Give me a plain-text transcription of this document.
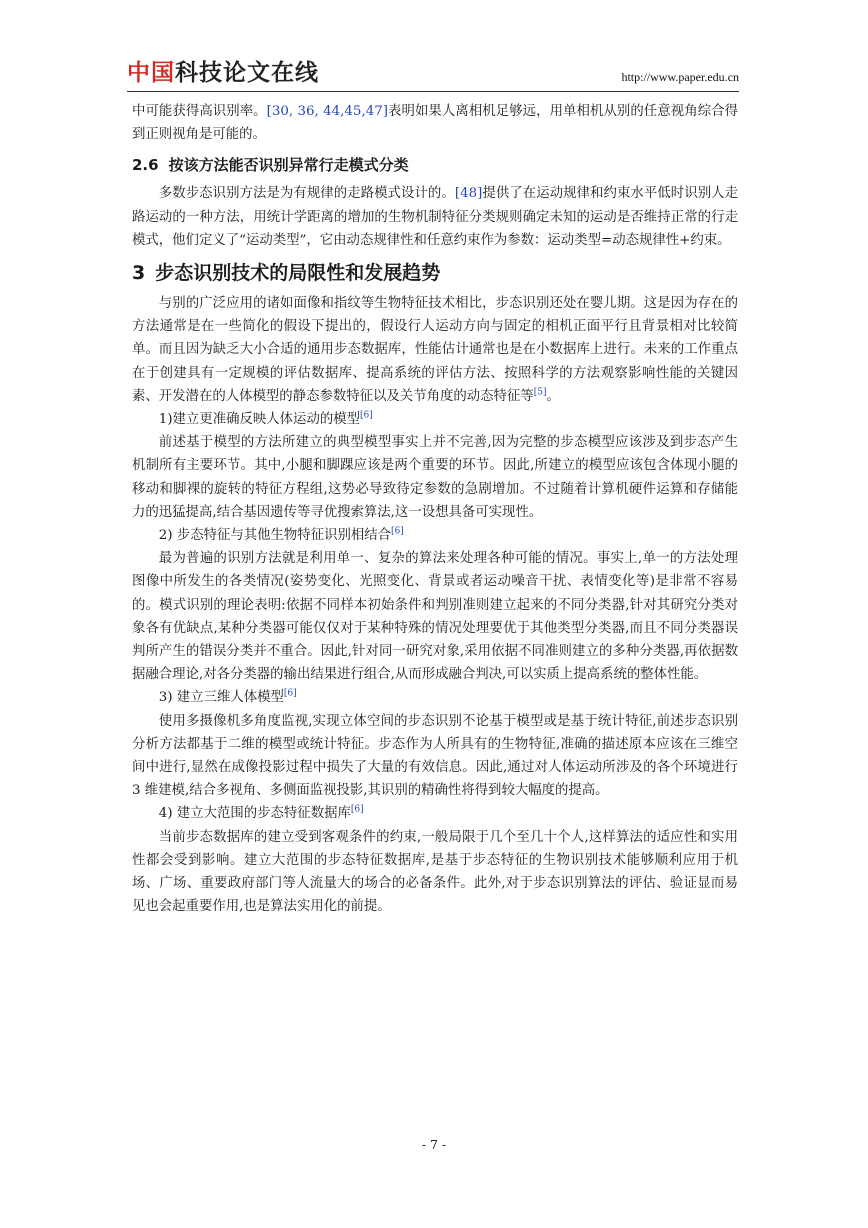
中国科技论文在线	http://www.paper.edu.cn

中可能获得高识别率。[30, 36, 44,45,47]表明如果人离相机足够远，用单相机从别的任意视角综合得到正则视角是可能的。

2.6 按该方法能否识别异常行走模式分类

多数步态识别方法是为有规律的走路模式设计的。[48]提供了在运动规律和约束水平低时识别人走路运动的一种方法，用统计学距离的增加的生物机制特征分类规则确定未知的运动是否维持正常的行走模式，他们定义了“运动类型”，它由动态规律性和任意约束作为参数：运动类型=动态规律性+约束。

3 步态识别技术的局限性和发展趋势

与别的广泛应用的诸如面像和指纹等生物特征技术相比，步态识别还处在婴儿期。这是因为存在的方法通常是在一些简化的假设下提出的，假设行人运动方向与固定的相机正面平行且背景相对比较简单。而且因为缺乏大小合适的通用步态数据库，性能估计通常也是在小数据库上进行。未来的工作重点在于创建具有一定规模的评估数据库、提高系统的评估方法、按照科学的方法观察影响性能的关键因素、开发潜在的人体模型的静态参数特征以及关节角度的动态特征等[5]。

1)建立更准确反映人体运动的模型[6]

前述基于模型的方法所建立的典型模型事实上并不完善,因为完整的步态模型应该涉及到步态产生机制所有主要环节。其中,小腿和脚踝应该是两个重要的环节。因此,所建立的模型应该包含体现小腿的移动和脚裸的旋转的特征方程组,这势必导致待定参数的急剧增加。不过随着计算机硬件运算和存储能力的迅猛提高,结合基因遗传等寻优搜索算法,这一设想具备可实现性。

2) 步态特征与其他生物特征识别相结合[6]

最为普遍的识别方法就是利用单一、复杂的算法来处理各种可能的情况。事实上,单一的方法处理图像中所发生的各类情况(姿势变化、光照变化、背景或者运动噪音干扰、表情变化等)是非常不容易的。模式识别的理论表明:依据不同样本初始条件和判别准则建立起来的不同分类器,针对其研究分类对象各有优缺点,某种分类器可能仅仅对于某种特殊的情况处理要优于其他类型分类器,而且不同分类器误判所产生的错误分类并不重合。因此,针对同一研究对象,采用依据不同准则建立的多种分类器,再依据数据融合理论,对各分类器的输出结果进行组合,从而形成融合判决,可以实质上提高系统的整体性能。

3) 建立三维人体模型[6]

使用多摄像机多角度监视,实现立体空间的步态识别不论基于模型或是基于统计特征,前述步态识别分析方法都基于二维的模型或统计特征。步态作为人所具有的生物特征,准确的描述原本应该在三维空间中进行,显然在成像投影过程中损失了大量的有效信息。因此,通过对人体运动所涉及的各个环境进行 3 维建模,结合多视角、多侧面监视投影,其识别的精确性将得到较大幅度的提高。

4) 建立大范围的步态特征数据库[6]

当前步态数据库的建立受到客观条件的约束,一般局限于几个至几十个人,这样算法的适应性和实用性都会受到影响。建立大范围的步态特征数据库,是基于步态特征的生物识别技术能够顺利应用于机场、广场、重要政府部门等人流量大的场合的必备条件。此外,对于步态识别算法的评估、验证显而易见也会起重要作用,也是算法实用化的前提。

- 7 -
